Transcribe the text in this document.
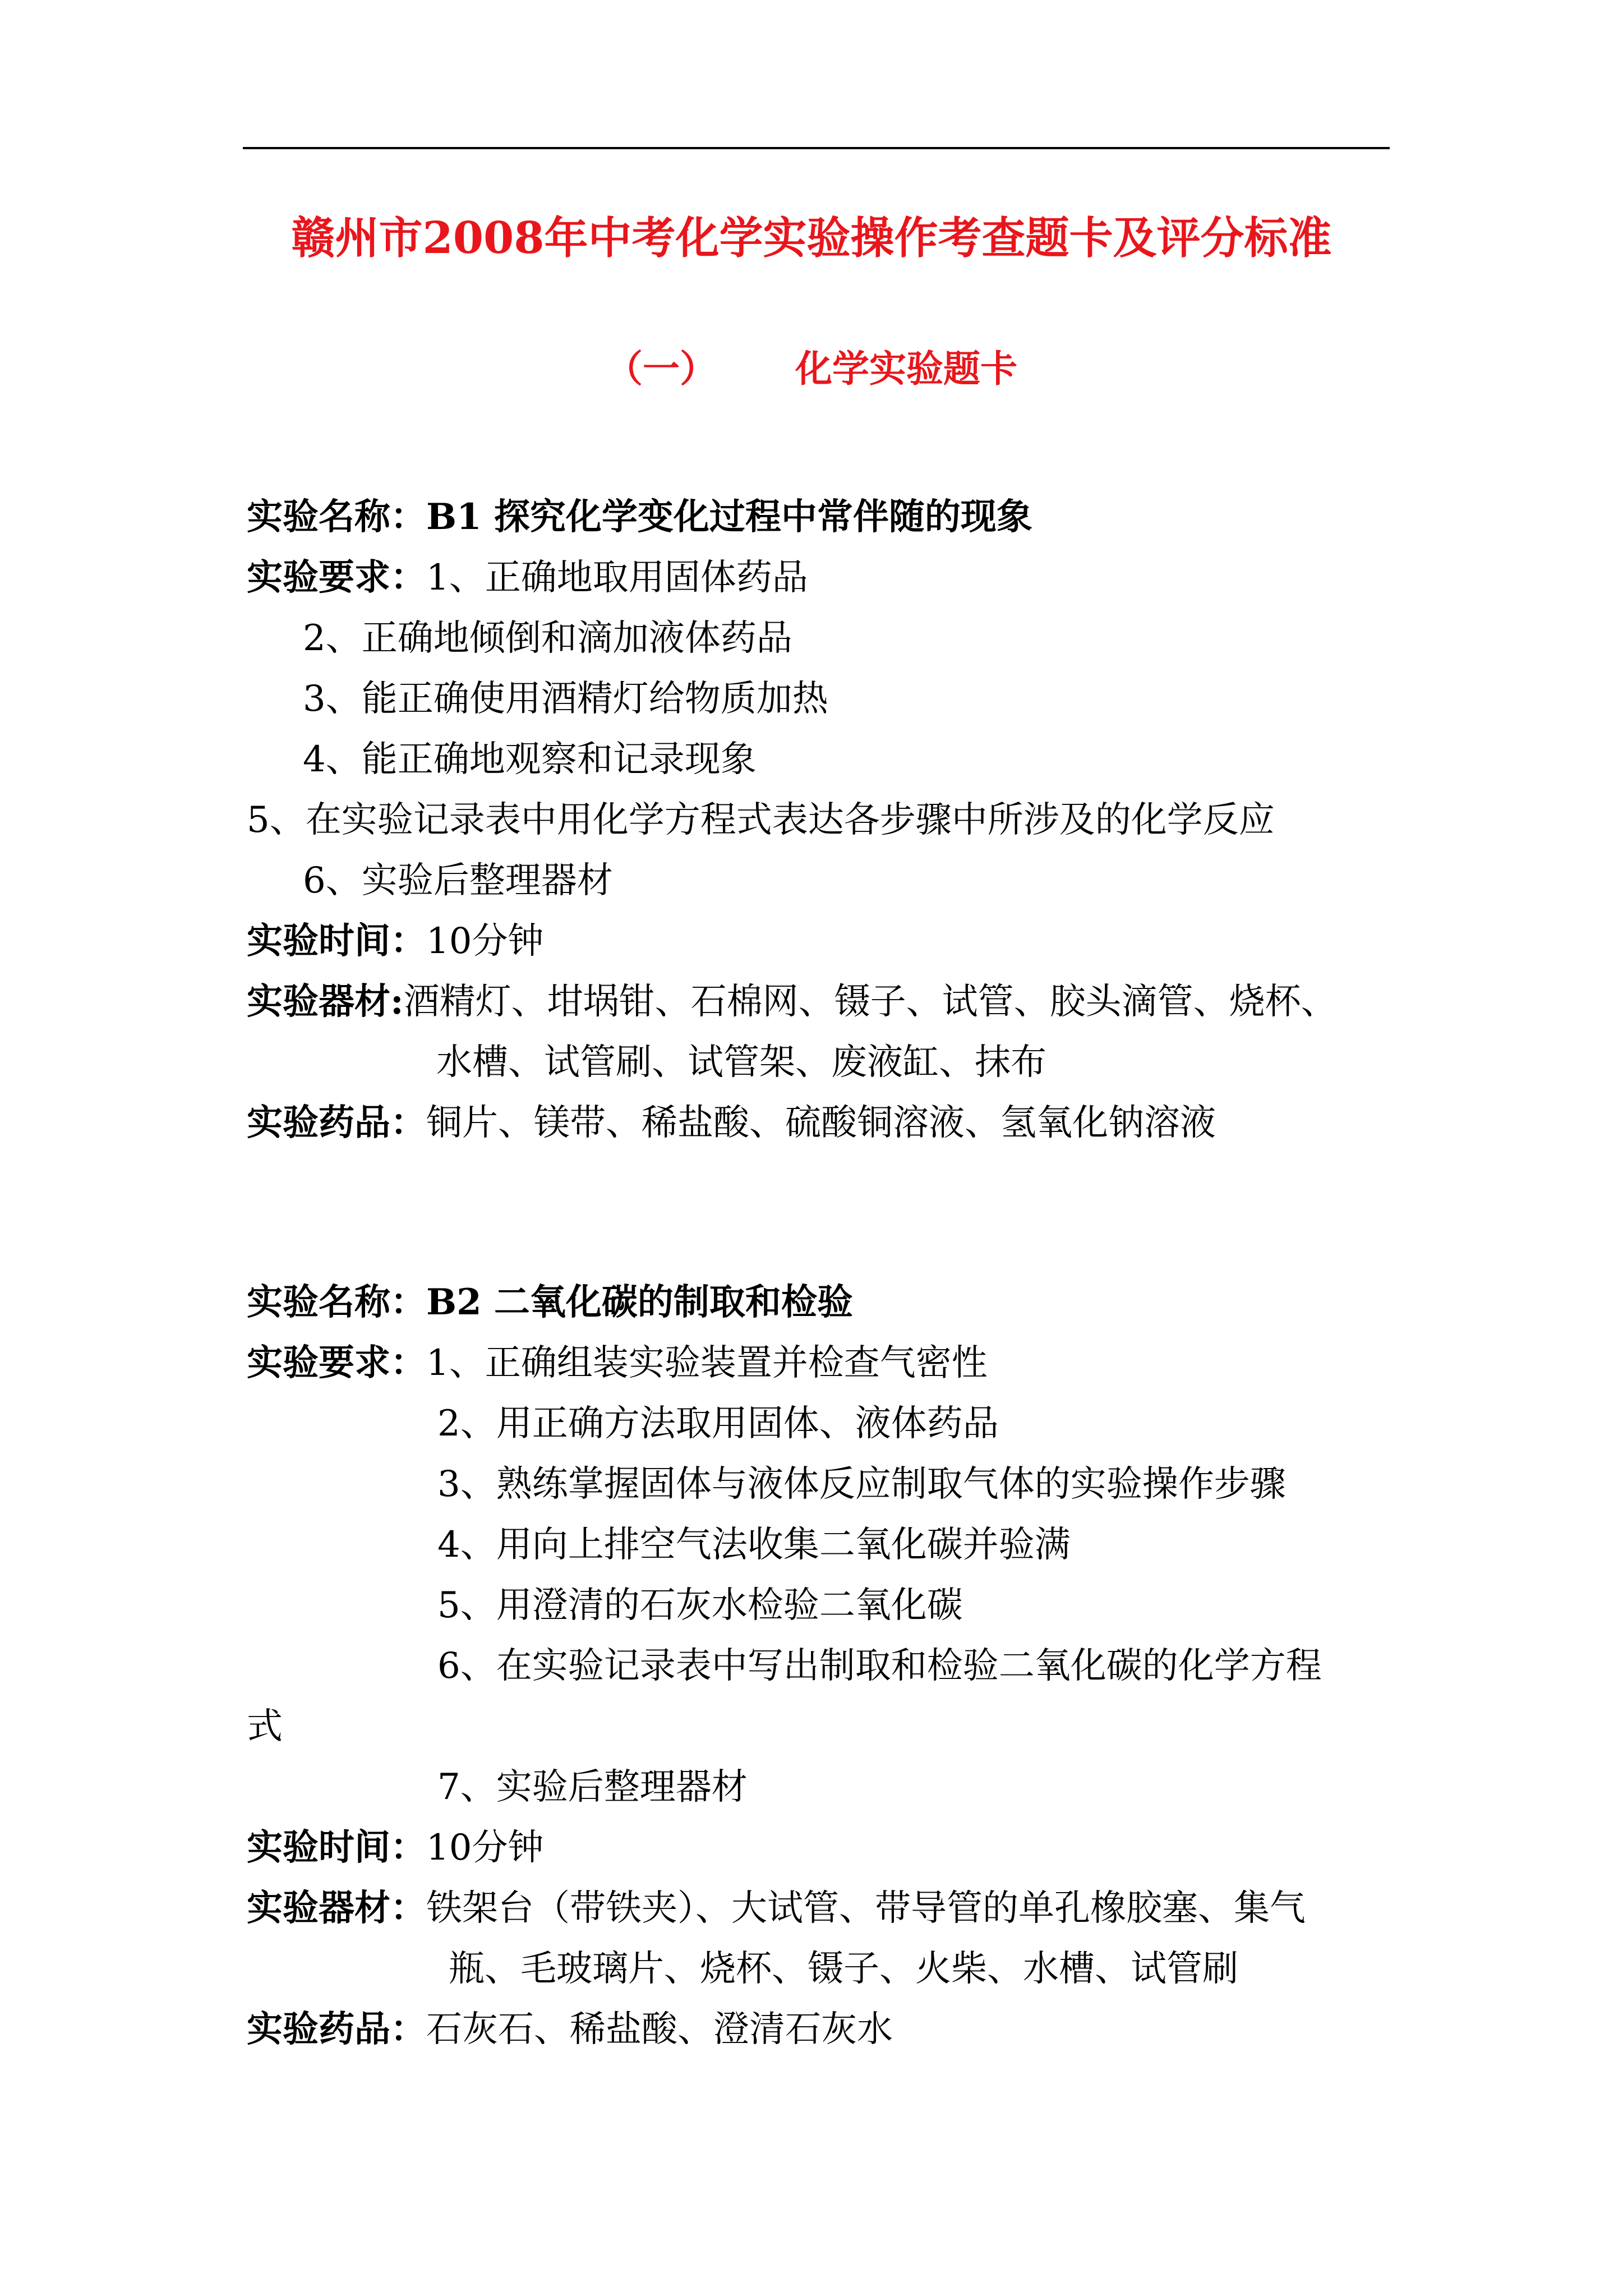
赣州市2008年中考化学实验操作考查题卡及评分标准
（一） 化学实验题卡
实验名称：B1 探究化学变化过程中常伴随的现象
实验要求：1、正确地取用固体药品
2、正确地倾倒和滴加液体药品
3、能正确使用酒精灯给物质加热
4、能正确地观察和记录现象
5、在实验记录表中用化学方程式表达各步骤中所涉及的化学反应
6、实验后整理器材
实验时间：10分钟
实验器材:酒精灯、坩埚钳、石棉网、镊子、试管、胶头滴管、烧杯、
水槽、试管刷、试管架、废液缸、抹布
实验药品：铜片、镁带、稀盐酸、硫酸铜溶液、氢氧化钠溶液
实验名称：B2 二氧化碳的制取和检验
实验要求：1、正确组装实验装置并检查气密性
2、用正确方法取用固体、液体药品
3、熟练掌握固体与液体反应制取气体的实验操作步骤
4、用向上排空气法收集二氧化碳并验满
5、用澄清的石灰水检验二氧化碳
6、在实验记录表中写出制取和检验二氧化碳的化学方程
式
7、实验后整理器材
实验时间：10分钟
实验器材：铁架台（带铁夹）、大试管、带导管的单孔橡胶塞、集气
瓶、毛玻璃片、烧杯、镊子、火柴、水槽、试管刷
实验药品：石灰石、稀盐酸、澄清石灰水
